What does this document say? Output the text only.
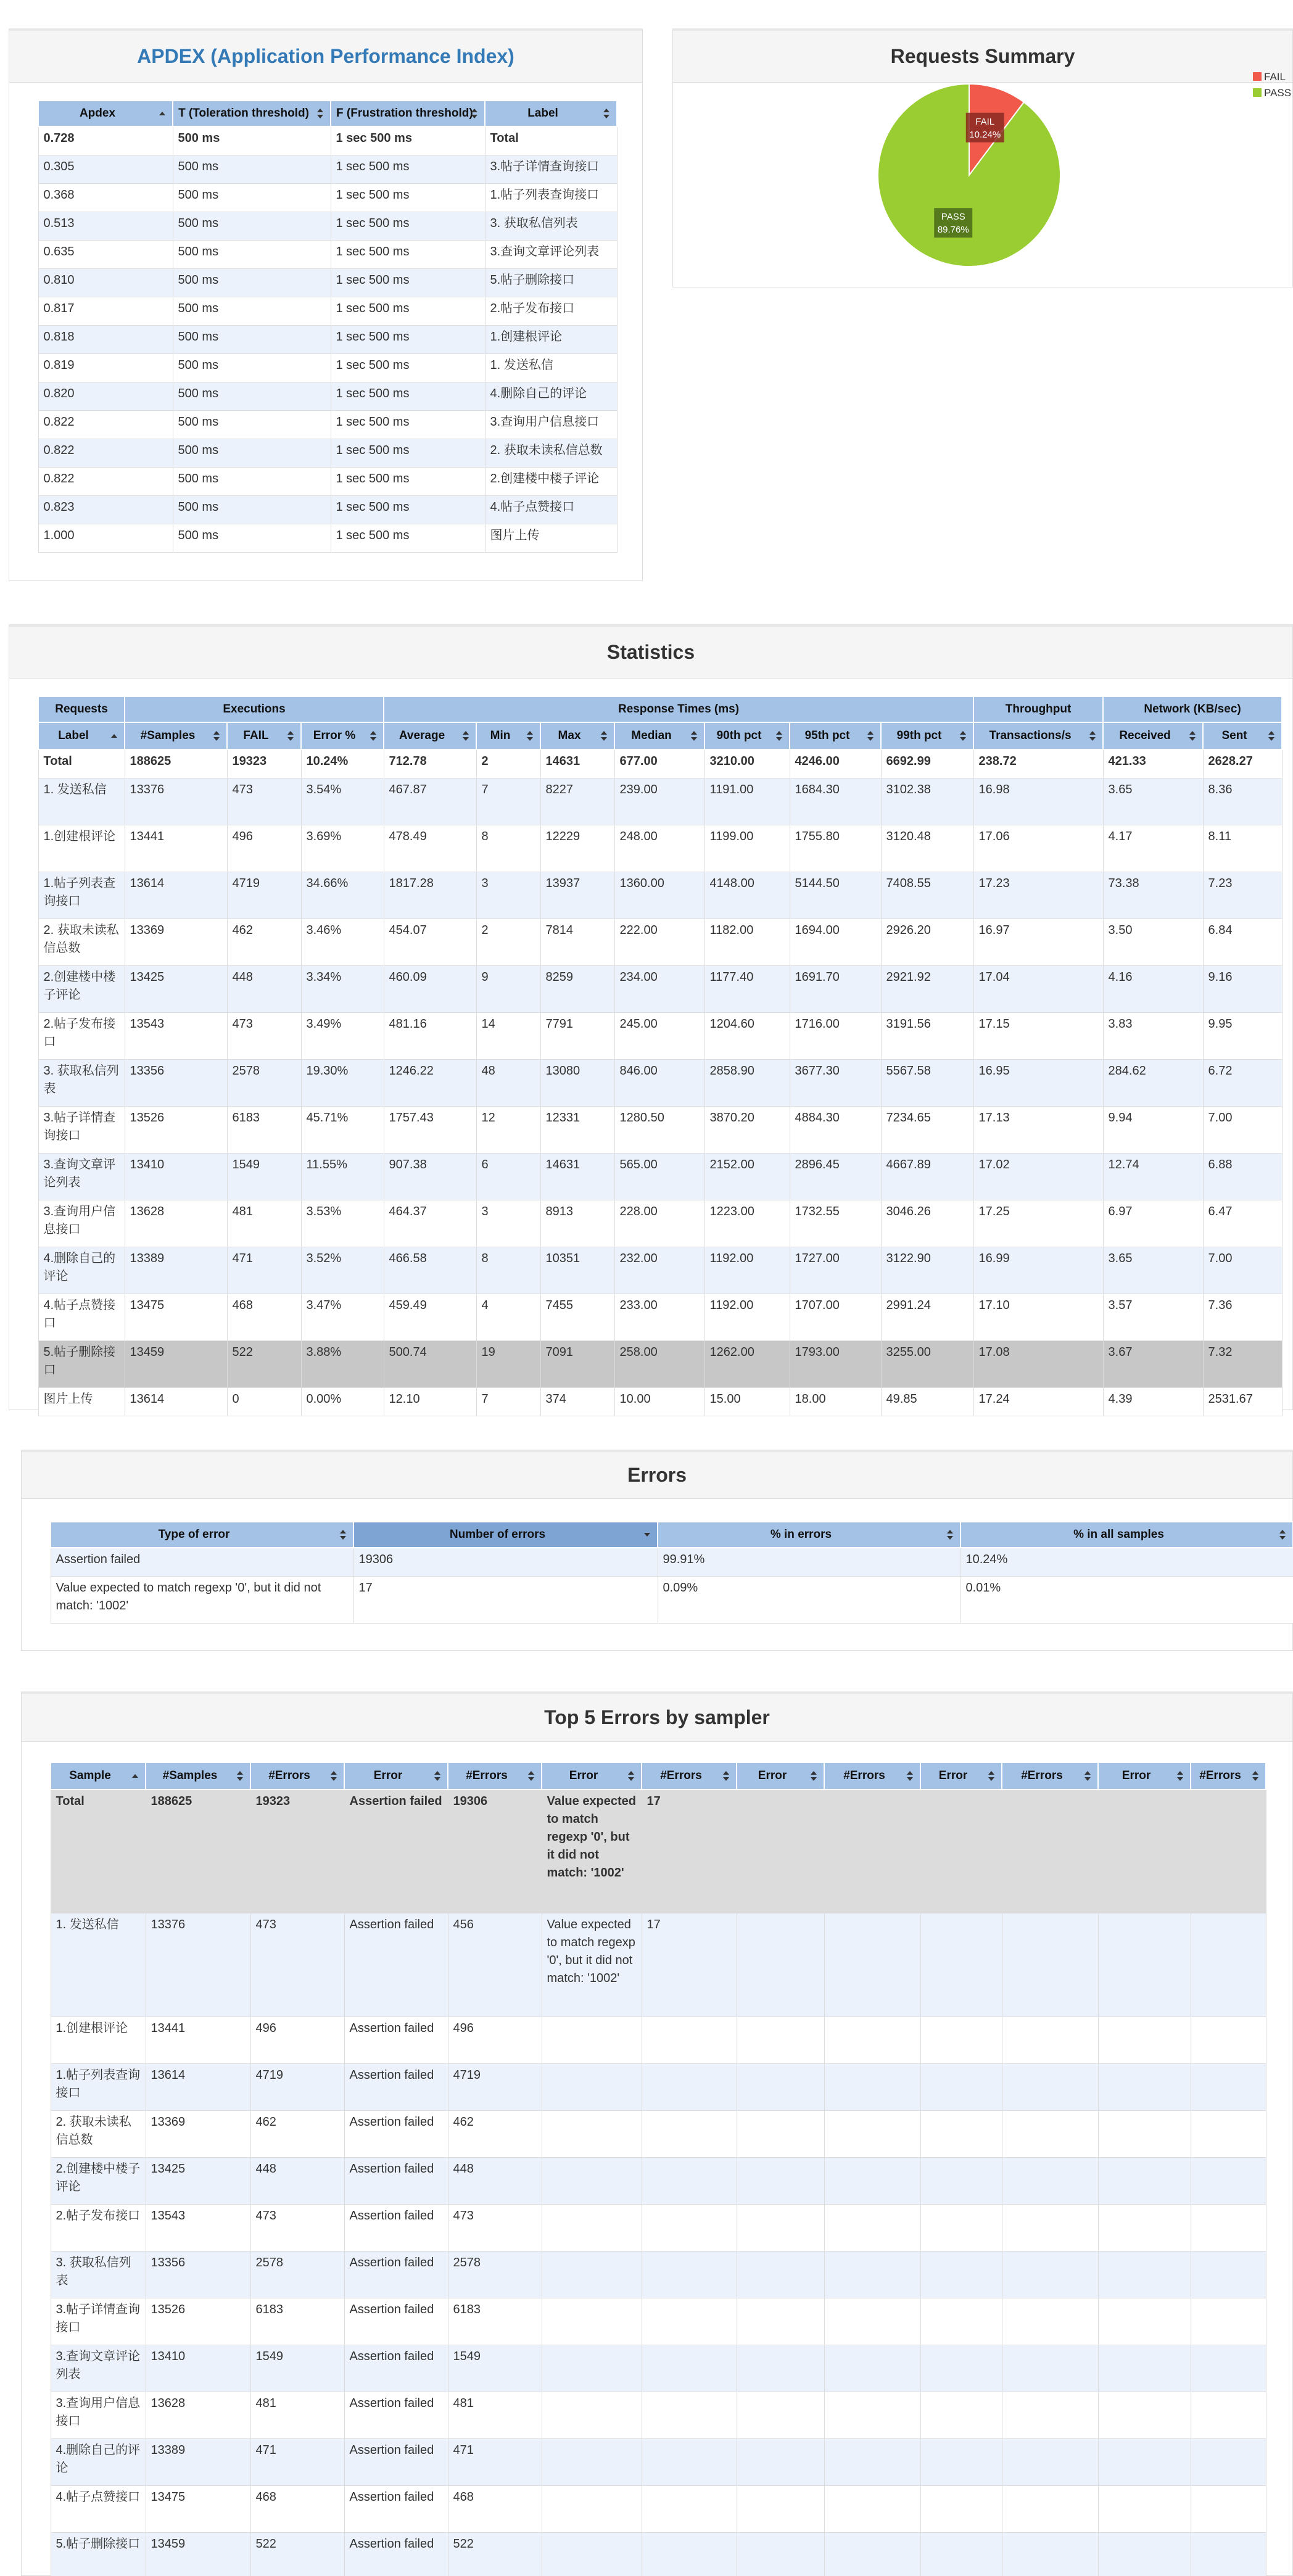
APDEX (Application Performance Index)
Apdex	T (Toleration threshold)	F (Frustration threshold)	Label

0.728	500 ms	1 sec 500 ms	Total
0.305	500 ms	1 sec 500 ms	3.帖子详情查询接口
0.368	500 ms	1 sec 500 ms	1.帖子列表查询接口
0.513	500 ms	1 sec 500 ms	3. 获取私信列表
0.635	500 ms	1 sec 500 ms	3.查询文章评论列表
0.810	500 ms	1 sec 500 ms	5.帖子删除接口
0.817	500 ms	1 sec 500 ms	2.帖子发布接口
0.818	500 ms	1 sec 500 ms	1.创建根评论
0.819	500 ms	1 sec 500 ms	1. 发送私信
0.820	500 ms	1 sec 500 ms	4.删除自己的评论
0.822	500 ms	1 sec 500 ms	3.查询用户信息接口
0.822	500 ms	1 sec 500 ms	2. 获取未读私信总数
0.822	500 ms	1 sec 500 ms	2.创建楼中楼子评论
0.823	500 ms	1 sec 500 ms	4.帖子点赞接口
1.000	500 ms	1 sec 500 ms	图片上传
Requests Summary
FAIL
10.24%
PASS
89.76%
FAIL
PASS
Statistics
Requests	Executions			Response Times (ms)							Throughput	Network (KB/sec)	
Label	#Samples	FAIL	Error %	Average	Min	Max	Median	90th pct	95th pct	99th pct	Transactions/s	Received	Sent

Total	188625	19323	10.24%	712.78	2	14631	677.00	3210.00	4246.00	6692.99	238.72	421.33	2628.27
1. 发送私信	13376	473	3.54%	467.87	7	8227	239.00	1191.00	1684.30	3102.38	16.98	3.65	8.36
1.创建根评论	13441	496	3.69%	478.49	8	12229	248.00	1199.00	1755.80	3120.48	17.06	4.17	8.11
1.帖子列表查询接口	13614	4719	34.66%	1817.28	3	13937	1360.00	4148.00	5144.50	7408.55	17.23	73.38	7.23
2. 获取未读私信总数	13369	462	3.46%	454.07	2	7814	222.00	1182.00	1694.00	2926.20	16.97	3.50	6.84
2.创建楼中楼子评论	13425	448	3.34%	460.09	9	8259	234.00	1177.40	1691.70	2921.92	17.04	4.16	9.16
2.帖子发布接口	13543	473	3.49%	481.16	14	7791	245.00	1204.60	1716.00	3191.56	17.15	3.83	9.95
3. 获取私信列表	13356	2578	19.30%	1246.22	48	13080	846.00	2858.90	3677.30	5567.58	16.95	284.62	6.72
3.帖子详情查询接口	13526	6183	45.71%	1757.43	12	12331	1280.50	3870.20	4884.30	7234.65	17.13	9.94	7.00
3.查询文章评论列表	13410	1549	11.55%	907.38	6	14631	565.00	2152.00	2896.45	4667.89	17.02	12.74	6.88
3.查询用户信息接口	13628	481	3.53%	464.37	3	8913	228.00	1223.00	1732.55	3046.26	17.25	6.97	6.47
4.删除自己的评论	13389	471	3.52%	466.58	8	10351	232.00	1192.00	1727.00	3122.90	16.99	3.65	7.00
4.帖子点赞接口	13475	468	3.47%	459.49	4	7455	233.00	1192.00	1707.00	2991.24	17.10	3.57	7.36
5.帖子删除接口	13459	522	3.88%	500.74	19	7091	258.00	1262.00	1793.00	3255.00	17.08	3.67	7.32
图片上传	13614	0	0.00%	12.10	7	374	10.00	15.00	18.00	49.85	17.24	4.39	2531.67
Errors
Type of error	Number of errors	% in errors	% in all samples

Assertion failed	19306	99.91%	10.24%
Value expected to match regexp '0', but it did not match: '1002'	17	0.09%	0.01%
Top 5 Errors by sampler
Sample	#Samples	#Errors	Error	#Errors	Error	#Errors	Error	#Errors	Error	#Errors	Error	#Errors

Total	188625	19323	Assertion failed	19306	Value expected to match regexp '0', but it did not match: '1002'	17						
1. 发送私信	13376	473	Assertion failed	456	Value expected to match regexp '0', but it did not match: '1002'	17						
1.创建根评论	13441	496	Assertion failed	496								
1.帖子列表查询接口	13614	4719	Assertion failed	4719								
2. 获取未读私信总数	13369	462	Assertion failed	462								
2.创建楼中楼子评论	13425	448	Assertion failed	448								
2.帖子发布接口	13543	473	Assertion failed	473								
3. 获取私信列表	13356	2578	Assertion failed	2578								
3.帖子详情查询接口	13526	6183	Assertion failed	6183								
3.查询文章评论列表	13410	1549	Assertion failed	1549								
3.查询用户信息接口	13628	481	Assertion failed	481								
4.删除自己的评论	13389	471	Assertion failed	471								
4.帖子点赞接口	13475	468	Assertion failed	468								
5.帖子删除接口	13459	522	Assertion failed	522								
